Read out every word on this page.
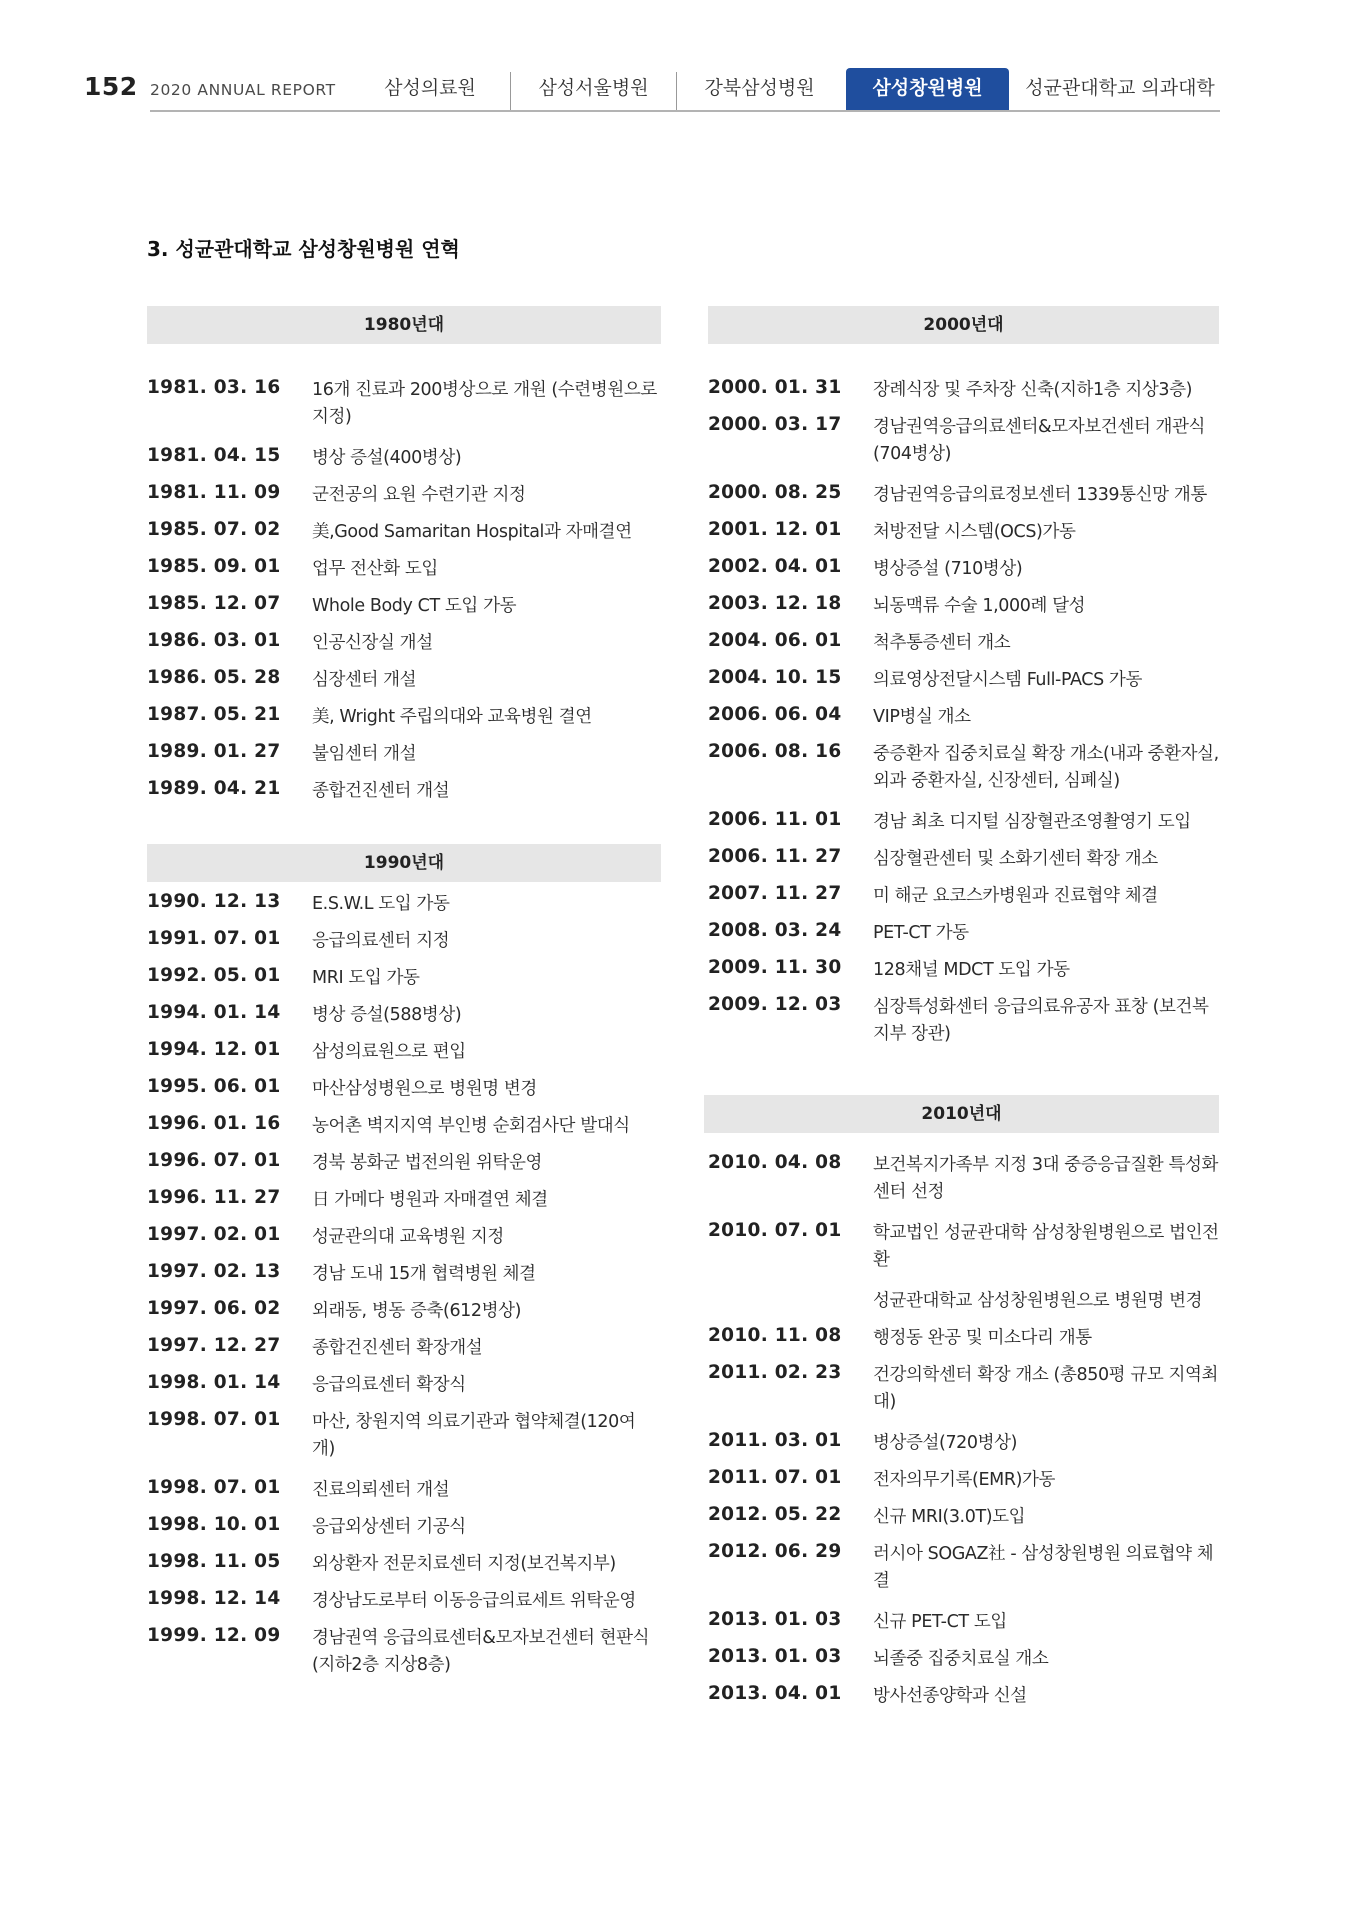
152 2020 ANNUAL REPORT	삼성의료원	삼성서울병원	강북삼성병원	삼성창원병원	성균관대학교 의과대학
3. 성균관대학교 삼성창원병원 연혁
1980년대
1981. 03. 16 16개 진료과 200병상으로 개원 (수련병원으로 지정)
1981. 04. 15 병상 증설(400병상)
1981. 11. 09 군전공의 요원 수련기관 지정
1985. 07. 02 美,Good Samaritan Hospital과 자매결연
1985. 09. 01 업무 전산화 도입
1985. 12. 07 Whole Body CT 도입 가동
1986. 03. 01 인공신장실 개설
1986. 05. 28 심장센터 개설
1987. 05. 21 美, Wright 주립의대와 교육병원 결연
1989. 01. 27 불임센터 개설
1989. 04. 21 종합건진센터 개설
1990년대
1990. 12. 13 E.S.W.L 도입 가동
1991. 07. 01 응급의료센터 지정
1992. 05. 01 MRI 도입 가동
1994. 01. 14 병상 증설(588병상)
1994. 12. 01 삼성의료원으로 편입
1995. 06. 01 마산삼성병원으로 병원명 변경
1996. 01. 16 농어촌 벽지지역 부인병 순회검사단 발대식
1996. 07. 01 경북 봉화군 법전의원 위탁운영
1996. 11. 27 日 가메다 병원과 자매결연 체결
1997. 02. 01 성균관의대 교육병원 지정
1997. 02. 13 경남 도내 15개 협력병원 체결
1997. 06. 02 외래동, 병동 증축(612병상)
1997. 12. 27 종합건진센터 확장개설
1998. 01. 14 응급의료센터 확장식
1998. 07. 01 마산, 창원지역 의료기관과 협약체결(120여개)
1998. 07. 01 진료의뢰센터 개설
1998. 10. 01 응급외상센터 기공식
1998. 11. 05 외상환자 전문치료센터 지정(보건복지부)
1998. 12. 14 경상남도로부터 이동응급의료세트 위탁운영
1999. 12. 09 경남권역 응급의료센터&모자보건센터 현판식 (지하2층 지상8층)
2000년대
2000. 01. 31 장례식장 및 주차장 신축(지하1층 지상3층)
2000. 03. 17 경남권역응급의료센터&모자보건센터 개관식(704병상)
2000. 08. 25 경남권역응급의료정보센터 1339통신망 개통
2001. 12. 01 처방전달 시스템(OCS)가동
2002. 04. 01 병상증설 (710병상)
2003. 12. 18 뇌동맥류 수술 1,000례 달성
2004. 06. 01 척추통증센터 개소
2004. 10. 15 의료영상전달시스템 Full-PACS 가동
2006. 06. 04 VIP병실 개소
2006. 08. 16 중증환자 집중치료실 확장 개소(내과 중환자실, 외과 중환자실, 신장센터, 심폐실)
2006. 11. 01 경남 최초 디지털 심장혈관조영촬영기 도입
2006. 11. 27 심장혈관센터 및 소화기센터 확장 개소
2007. 11. 27 미 해군 요코스카병원과 진료협약 체결
2008. 03. 24 PET-CT 가동
2009. 11. 30 128채널 MDCT 도입 가동
2009. 12. 03 심장특성화센터 응급의료유공자 표창 (보건복지부 장관)
2010년대
2010. 04. 08 보건복지가족부 지정 3대 중증응급질환 특성화센터 선정
2010. 07. 01 학교법인 성균관대학 삼성창원병원으로 법인전환
성균관대학교 삼성창원병원으로 병원명 변경
2010. 11. 08 행정동 완공 및 미소다리 개통
2011. 02. 23 건강의학센터 확장 개소 (총850평 규모 지역최대)
2011. 03. 01 병상증설(720병상)
2011. 07. 01 전자의무기록(EMR)가동
2012. 05. 22 신규 MRI(3.0T)도입
2012. 06. 29 러시아 SOGAZ社 - 삼성창원병원 의료협약 체결
2013. 01. 03 신규 PET-CT 도입
2013. 01. 03 뇌졸중 집중치료실 개소
2013. 04. 01 방사선종양학과 신설
